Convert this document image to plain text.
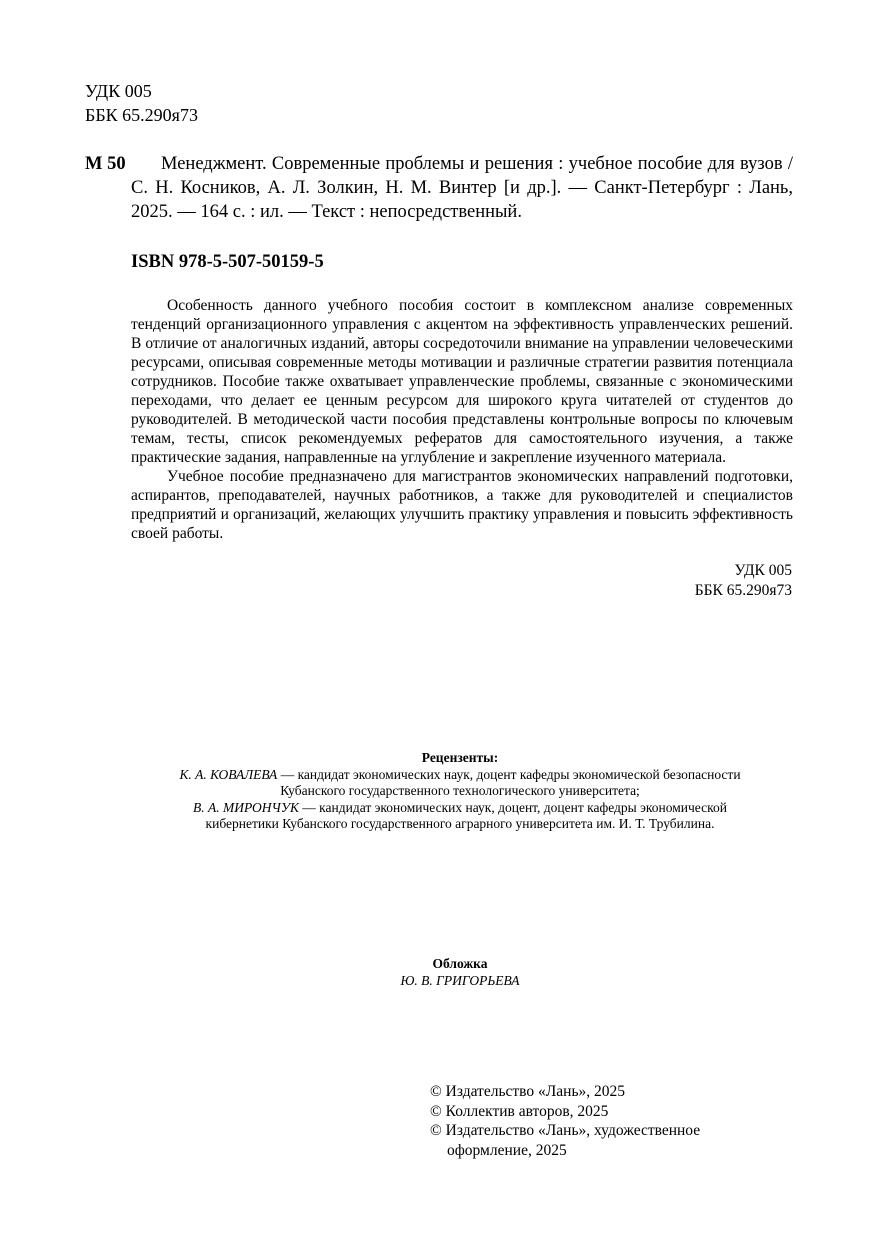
УДК 005
ББК 65.290я73
М 50	Менеджмент. Современные проблемы и решения : учебное пособие для вузов / С. Н. Косников, А. Л. Золкин, Н. М. Винтер [и др.]. — Санкт-Петербург : Лань, 2025. — 164 с. : ил. — Текст : непосредственный.
ISBN 978-5-507-50159-5

Особенность данного учебного пособия состоит в комплексном анализе современных тенденций организационного управления с акцентом на эффективность управленческих решений. В отличие от аналогичных изданий, авторы сосредоточили внимание на управлении человеческими ресурсами, описывая современные методы мотивации и различные стратегии развития потенциала сотрудников. Пособие также охватывает управленческие проблемы, связанные с экономическими переходами, что делает ее ценным ресурсом для широкого круга читателей от студентов до руководителей. В методической части пособия представлены контрольные вопросы по ключевым темам, тесты, список рекомендуемых рефератов для самостоятельного изучения, а также практические задания, направленные на углубление и закрепление изученного материала.

Учебное пособие предназначено для магистрантов экономических направлений подготовки, аспирантов, преподавателей, научных работников, а также для руководителей и специалистов предприятий и организаций, желающих улучшить практику управления и повысить эффективность своей работы.

УДК 005
ББК 65.290я73
Рецензенты:
К. А. КОВАЛЕВА — кандидат экономических наук, доцент кафедры экономической безопасности Кубанского государственного технологического университета;
В. А. МИРОНЧУК — кандидат экономических наук, доцент, доцент кафедры экономической кибернетики Кубанского государственного аграрного университета им. И. Т. Трубилина.
Обложка
Ю. В. ГРИГОРЬЕВА
© Издательство «Лань», 2025
© Коллектив авторов, 2025
© Издательство «Лань», художественное
оформление, 2025
